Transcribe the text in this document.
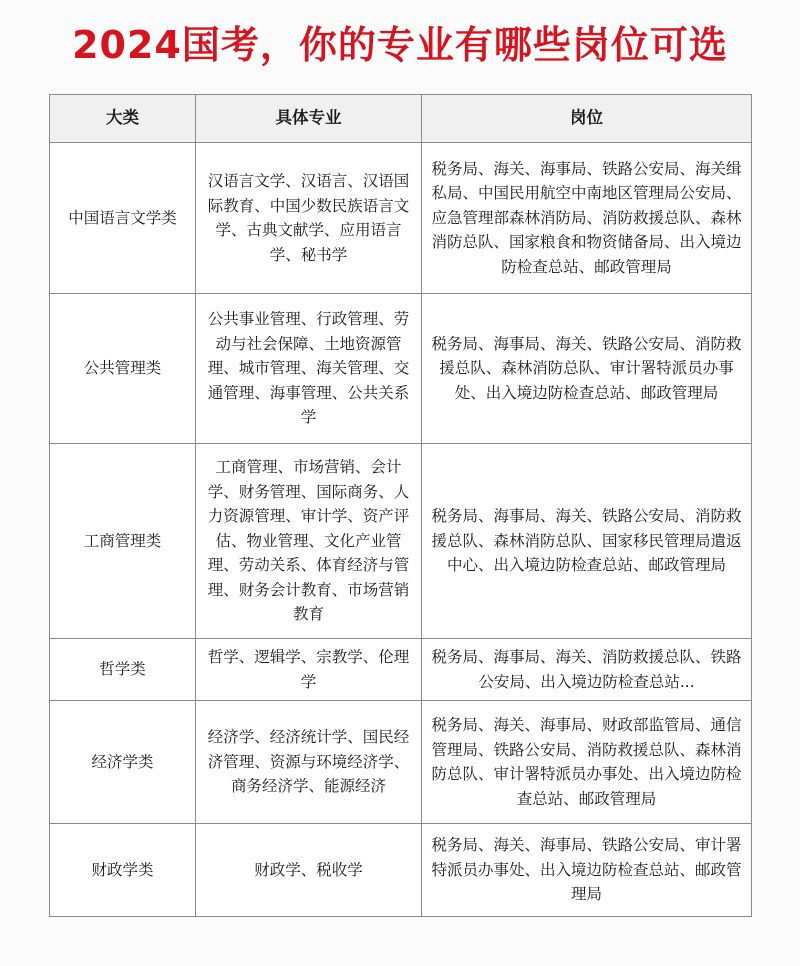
2024国考，你的专业有哪些岗位可选
大类	具体专业	岗位
中国语言文学类	汉语言文学、汉语言、汉语国际教育、中国少数民族语言文学、古典文献学、应用语言学、秘书学	税务局、海关、海事局、铁路公安局、海关缉私局、中国民用航空中南地区管理局公安局、应急管理部森林消防局、消防救援总队、森林消防总队、国家粮食和物资储备局、出入境边防检查总站、邮政管理局
公共管理类	公共事业管理、行政管理、劳动与社会保障、土地资源管理、城市管理、海关管理、交通管理、海事管理、公共关系学	税务局、海事局、海关、铁路公安局、消防救援总队、森林消防总队、审计署特派员办事处、出入境边防检查总站、邮政管理局
工商管理类	工商管理、市场营销、会计学、财务管理、国际商务、人力资源管理、审计学、资产评估、物业管理、文化产业管理、劳动关系、体育经济与管理、财务会计教育、市场营销教育	税务局、海事局、海关、铁路公安局、消防救援总队、森林消防总队、国家移民管理局遣返中心、出入境边防检查总站、邮政管理局
哲学类	哲学、逻辑学、宗教学、伦理学	税务局、海事局、海关、消防救援总队、铁路公安局、出入境边防检查总站...
经济学类	经济学、经济统计学、国民经济管理、资源与环境经济学、商务经济学、能源经济	税务局、海关、海事局、财政部监管局、通信管理局、铁路公安局、消防救援总队、森林消防总队、审计署特派员办事处、出入境边防检查总站、邮政管理局
财政学类	财政学、税收学	税务局、海关、海事局、铁路公安局、审计署特派员办事处、出入境边防检查总站、邮政管理局
